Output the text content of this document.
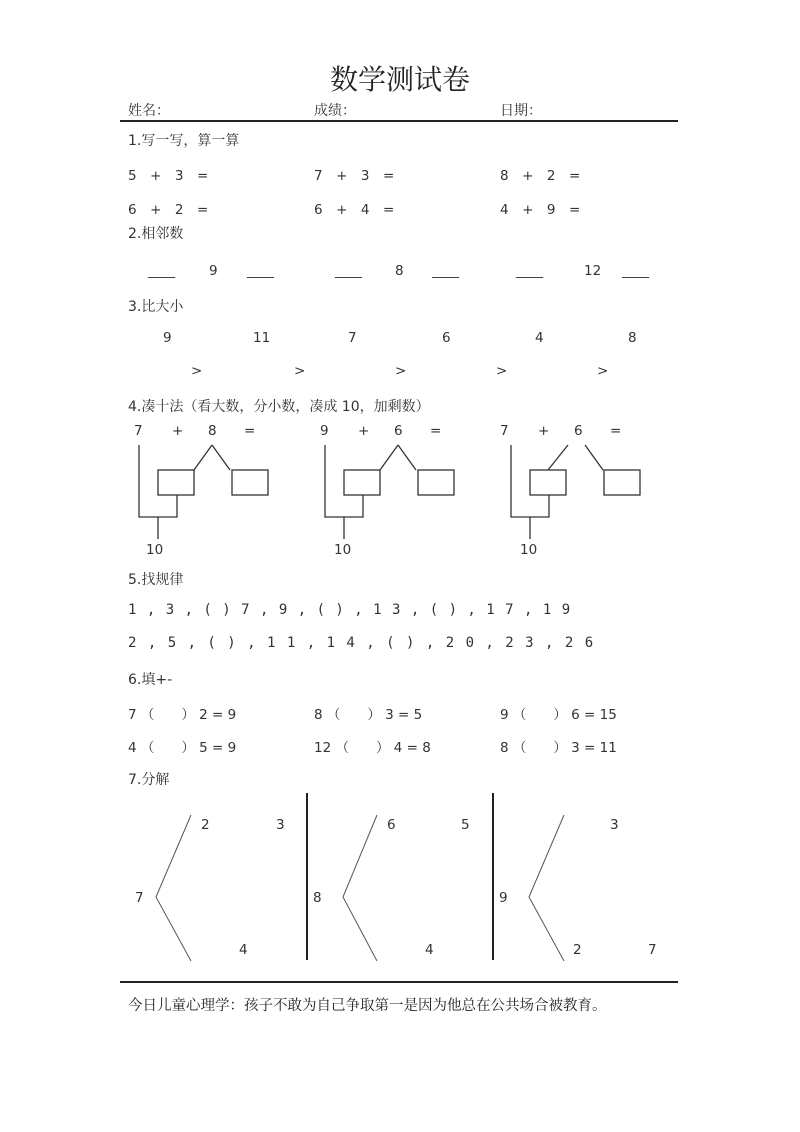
数学测试卷
姓名：	成绩：	日期：
1.写一写，算一算
5　+　3　=	7　+　3　=	8　+　2　=
6　+　2　=	6　+　4　=	4　+　9　=
2.相邻数
____	9 ____	____ 8 ____	____	12 ____
3.比大小
9	11	7	6	4	8
>	>	>	>	>
4.凑十法（看大数，分小数，凑成 10，加剩数）
7 + 8 =
10
9 + 6 =
10
7 + 6 =
10
5.找规律
1 , 3 , ( ) 7 , 9 , ( ) , 1 3 , ( ) , 1 7 , 1 9
2 , 5 , ( ) , 1 1 , 1 4 , ( ) , 2 0 , 2 3 , 2 6
6.填+-
7 （　　） 2 = 9	8 （　　） 3 = 5	9 （　　） 6 = 15
4 （　　） 5 = 9	12 （　　） 4 = 8	8 （　　） 3 = 11
7.分解
7
2	3
4
8
6	5
4
9
3
2	7
今日儿童心理学：孩子不敢为自己争取第一是因为他总在公共场合被教育。
